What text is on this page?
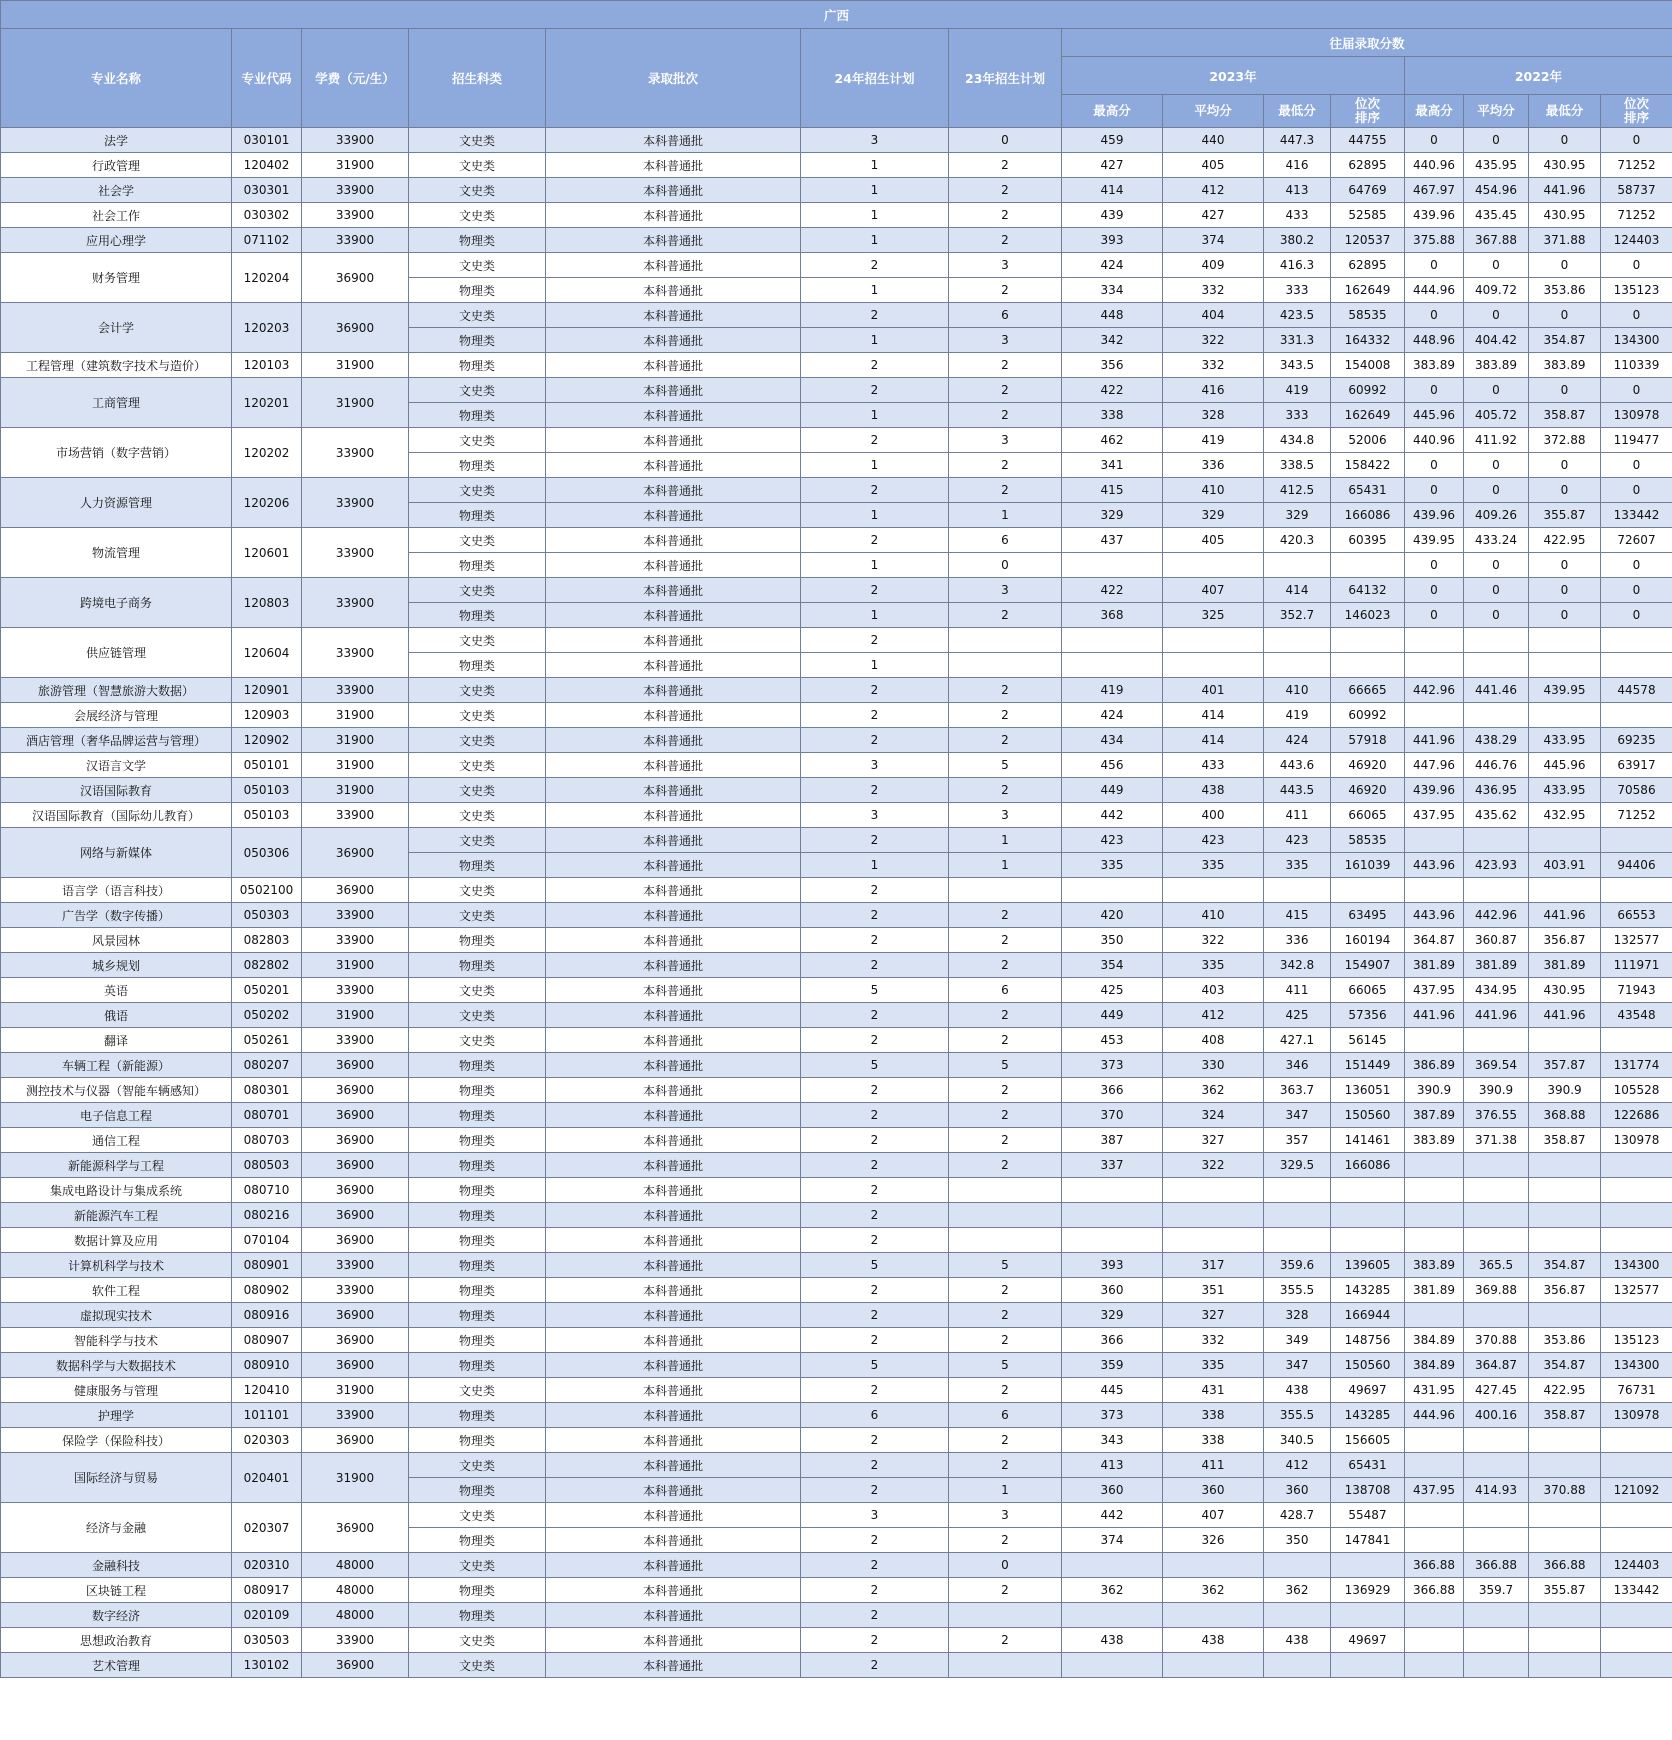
广西														
专业名称	专业代码	学费（元/生）	招生科类	录取批次	24年招生计划	23年招生计划	往届录取分数							
							2023年				2022年			
							最高分	平均分	最低分	位次排序	最高分	平均分	最低分	位次排序
法学	030101	33900	文史类	本科普通批	3	0	459	440	447.3	44755	0	0	0	0
行政管理	120402	31900	文史类	本科普通批	1	2	427	405	416	62895	440.96	435.95	430.95	71252
社会学	030301	33900	文史类	本科普通批	1	2	414	412	413	64769	467.97	454.96	441.96	58737
社会工作	030302	33900	文史类	本科普通批	1	2	439	427	433	52585	439.96	435.45	430.95	71252
应用心理学	071102	33900	物理类	本科普通批	1	2	393	374	380.2	120537	375.88	367.88	371.88	124403
财务管理	120204	36900	文史类	本科普通批	2	3	424	409	416.3	62895	0	0	0	0
			物理类	本科普通批	1	2	334	332	333	162649	444.96	409.72	353.86	135123
会计学	120203	36900	文史类	本科普通批	2	6	448	404	423.5	58535	0	0	0	0
			物理类	本科普通批	1	3	342	322	331.3	164332	448.96	404.42	354.87	134300
工程管理（建筑数字技术与造价）	120103	31900	物理类	本科普通批	2	2	356	332	343.5	154008	383.89	383.89	383.89	110339
工商管理	120201	31900	文史类	本科普通批	2	2	422	416	419	60992	0	0	0	0
			物理类	本科普通批	1	2	338	328	333	162649	445.96	405.72	358.87	130978
市场营销（数字营销）	120202	33900	文史类	本科普通批	2	3	462	419	434.8	52006	440.96	411.92	372.88	119477
			物理类	本科普通批	1	2	341	336	338.5	158422	0	0	0	0
人力资源管理	120206	33900	文史类	本科普通批	2	2	415	410	412.5	65431	0	0	0	0
			物理类	本科普通批	1	1	329	329	329	166086	439.96	409.26	355.87	133442
物流管理	120601	33900	文史类	本科普通批	2	6	437	405	420.3	60395	439.95	433.24	422.95	72607
			物理类	本科普通批	1	0					0	0	0	0
跨境电子商务	120803	33900	文史类	本科普通批	2	3	422	407	414	64132	0	0	0	0
			物理类	本科普通批	1	2	368	325	352.7	146023	0	0	0	0
供应链管理	120604	33900	文史类	本科普通批	2									
			物理类	本科普通批	1									
旅游管理（智慧旅游大数据）	120901	33900	文史类	本科普通批	2	2	419	401	410	66665	442.96	441.46	439.95	44578
会展经济与管理	120903	31900	文史类	本科普通批	2	2	424	414	419	60992				
酒店管理（奢华品牌运营与管理）	120902	31900	文史类	本科普通批	2	2	434	414	424	57918	441.96	438.29	433.95	69235
汉语言文学	050101	31900	文史类	本科普通批	3	5	456	433	443.6	46920	447.96	446.76	445.96	63917
汉语国际教育	050103	31900	文史类	本科普通批	2	2	449	438	443.5	46920	439.96	436.95	433.95	70586
汉语国际教育（国际幼儿教育）	050103	33900	文史类	本科普通批	3	3	442	400	411	66065	437.95	435.62	432.95	71252
网络与新媒体	050306	36900	文史类	本科普通批	2	1	423	423	423	58535				
			物理类	本科普通批	1	1	335	335	335	161039	443.96	423.93	403.91	94406
语言学（语言科技）	0502100	36900	文史类	本科普通批	2									
广告学（数字传播）	050303	33900	文史类	本科普通批	2	2	420	410	415	63495	443.96	442.96	441.96	66553
风景园林	082803	33900	物理类	本科普通批	2	2	350	322	336	160194	364.87	360.87	356.87	132577
城乡规划	082802	31900	物理类	本科普通批	2	2	354	335	342.8	154907	381.89	381.89	381.89	111971
英语	050201	33900	文史类	本科普通批	5	6	425	403	411	66065	437.95	434.95	430.95	71943
俄语	050202	31900	文史类	本科普通批	2	2	449	412	425	57356	441.96	441.96	441.96	43548
翻译	050261	33900	文史类	本科普通批	2	2	453	408	427.1	56145				
车辆工程（新能源）	080207	36900	物理类	本科普通批	5	5	373	330	346	151449	386.89	369.54	357.87	131774
测控技术与仪器（智能车辆感知）	080301	36900	物理类	本科普通批	2	2	366	362	363.7	136051	390.9	390.9	390.9	105528
电子信息工程	080701	36900	物理类	本科普通批	2	2	370	324	347	150560	387.89	376.55	368.88	122686
通信工程	080703	36900	物理类	本科普通批	2	2	387	327	357	141461	383.89	371.38	358.87	130978
新能源科学与工程	080503	36900	物理类	本科普通批	2	2	337	322	329.5	166086				
集成电路设计与集成系统	080710	36900	物理类	本科普通批	2									
新能源汽车工程	080216	36900	物理类	本科普通批	2									
数据计算及应用	070104	36900	物理类	本科普通批	2									
计算机科学与技术	080901	33900	物理类	本科普通批	5	5	393	317	359.6	139605	383.89	365.5	354.87	134300
软件工程	080902	33900	物理类	本科普通批	2	2	360	351	355.5	143285	381.89	369.88	356.87	132577
虚拟现实技术	080916	36900	物理类	本科普通批	2	2	329	327	328	166944				
智能科学与技术	080907	36900	物理类	本科普通批	2	2	366	332	349	148756	384.89	370.88	353.86	135123
数据科学与大数据技术	080910	36900	物理类	本科普通批	5	5	359	335	347	150560	384.89	364.87	354.87	134300
健康服务与管理	120410	31900	文史类	本科普通批	2	2	445	431	438	49697	431.95	427.45	422.95	76731
护理学	101101	33900	物理类	本科普通批	6	6	373	338	355.5	143285	444.96	400.16	358.87	130978
保险学（保险科技）	020303	36900	物理类	本科普通批	2	2	343	338	340.5	156605				
国际经济与贸易	020401	31900	文史类	本科普通批	2	2	413	411	412	65431				
			物理类	本科普通批	2	1	360	360	360	138708	437.95	414.93	370.88	121092
经济与金融	020307	36900	文史类	本科普通批	3	3	442	407	428.7	55487				
			物理类	本科普通批	2	2	374	326	350	147841				
金融科技	020310	48000	文史类	本科普通批	2	0					366.88	366.88	366.88	124403
区块链工程	080917	48000	物理类	本科普通批	2	2	362	362	362	136929	366.88	359.7	355.87	133442
数字经济	020109	48000	物理类	本科普通批	2									
思想政治教育	030503	33900	文史类	本科普通批	2	2	438	438	438	49697				
艺术管理	130102	36900	文史类	本科普通批	2									
